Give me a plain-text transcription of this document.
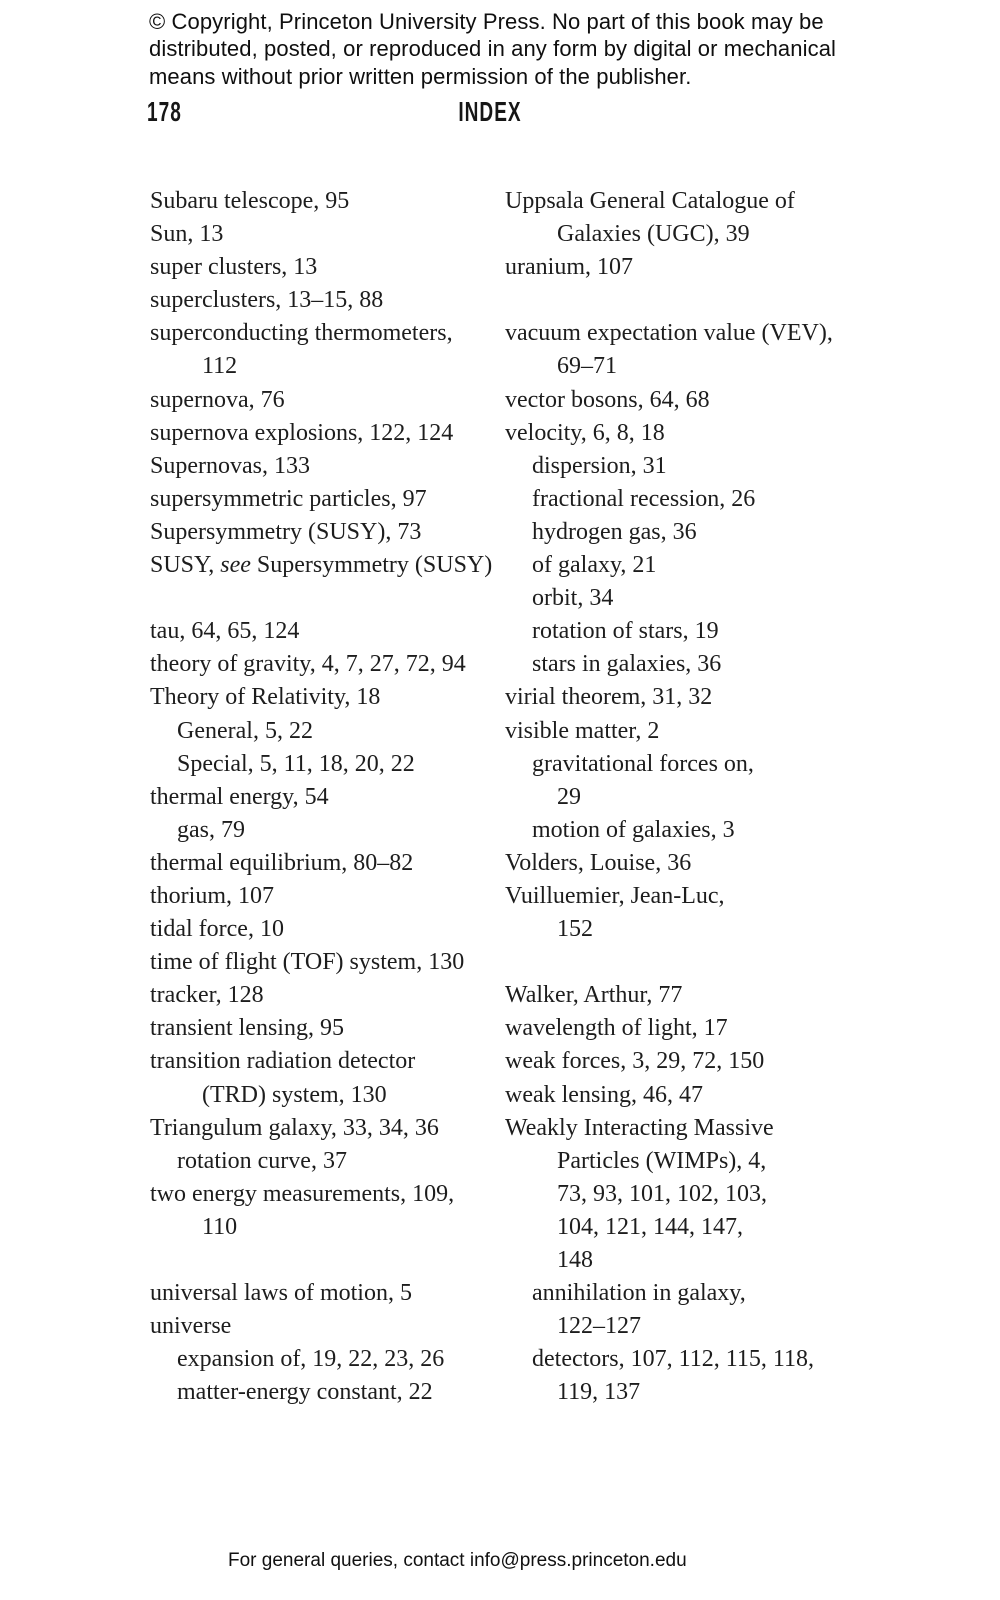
© Copyright, Princeton University Press. No part of this book may be
distributed, posted, or reproduced in any form by digital or mechanical
means without prior written permission of the publisher.
178	INDEX
Subaru telescope, 95
Sun, 13
super clusters, 13
superclusters, 13–15, 88
superconducting thermometers,
112
supernova, 76
supernova explosions, 122, 124
Supernovas, 133
supersymmetric particles, 97
Supersymmetry (SUSY), 73
SUSY, see Supersymmetry (SUSY)
tau, 64, 65, 124
theory of gravity, 4, 7, 27, 72, 94
Theory of Relativity, 18
General, 5, 22
Special, 5, 11, 18, 20, 22
thermal energy, 54
gas, 79
thermal equilibrium, 80–82
thorium, 107
tidal force, 10
time of flight (TOF) system, 130
tracker, 128
transient lensing, 95
transition radiation detector
(TRD) system, 130
Triangulum galaxy, 33, 34, 36
rotation curve, 37
two energy measurements, 109,
110
universal laws of motion, 5
universe
expansion of, 19, 22, 23, 26
matter-energy constant, 22
Uppsala General Catalogue of
Galaxies (UGC), 39
uranium, 107
vacuum expectation value (VEV),
69–71
vector bosons, 64, 68
velocity, 6, 8, 18
dispersion, 31
fractional recession, 26
hydrogen gas, 36
of galaxy, 21
orbit, 34
rotation of stars, 19
stars in galaxies, 36
virial theorem, 31, 32
visible matter, 2
gravitational forces on,
29
motion of galaxies, 3
Volders, Louise, 36
Vuilluemier, Jean-Luc,
152
Walker, Arthur, 77
wavelength of light, 17
weak forces, 3, 29, 72, 150
weak lensing, 46, 47
Weakly Interacting Massive
Particles (WIMPs), 4,
73, 93, 101, 102, 103,
104, 121, 144, 147,
148
annihilation in galaxy,
122–127
detectors, 107, 112, 115, 118,
119, 137
For general queries, contact info@press.princeton.edu
